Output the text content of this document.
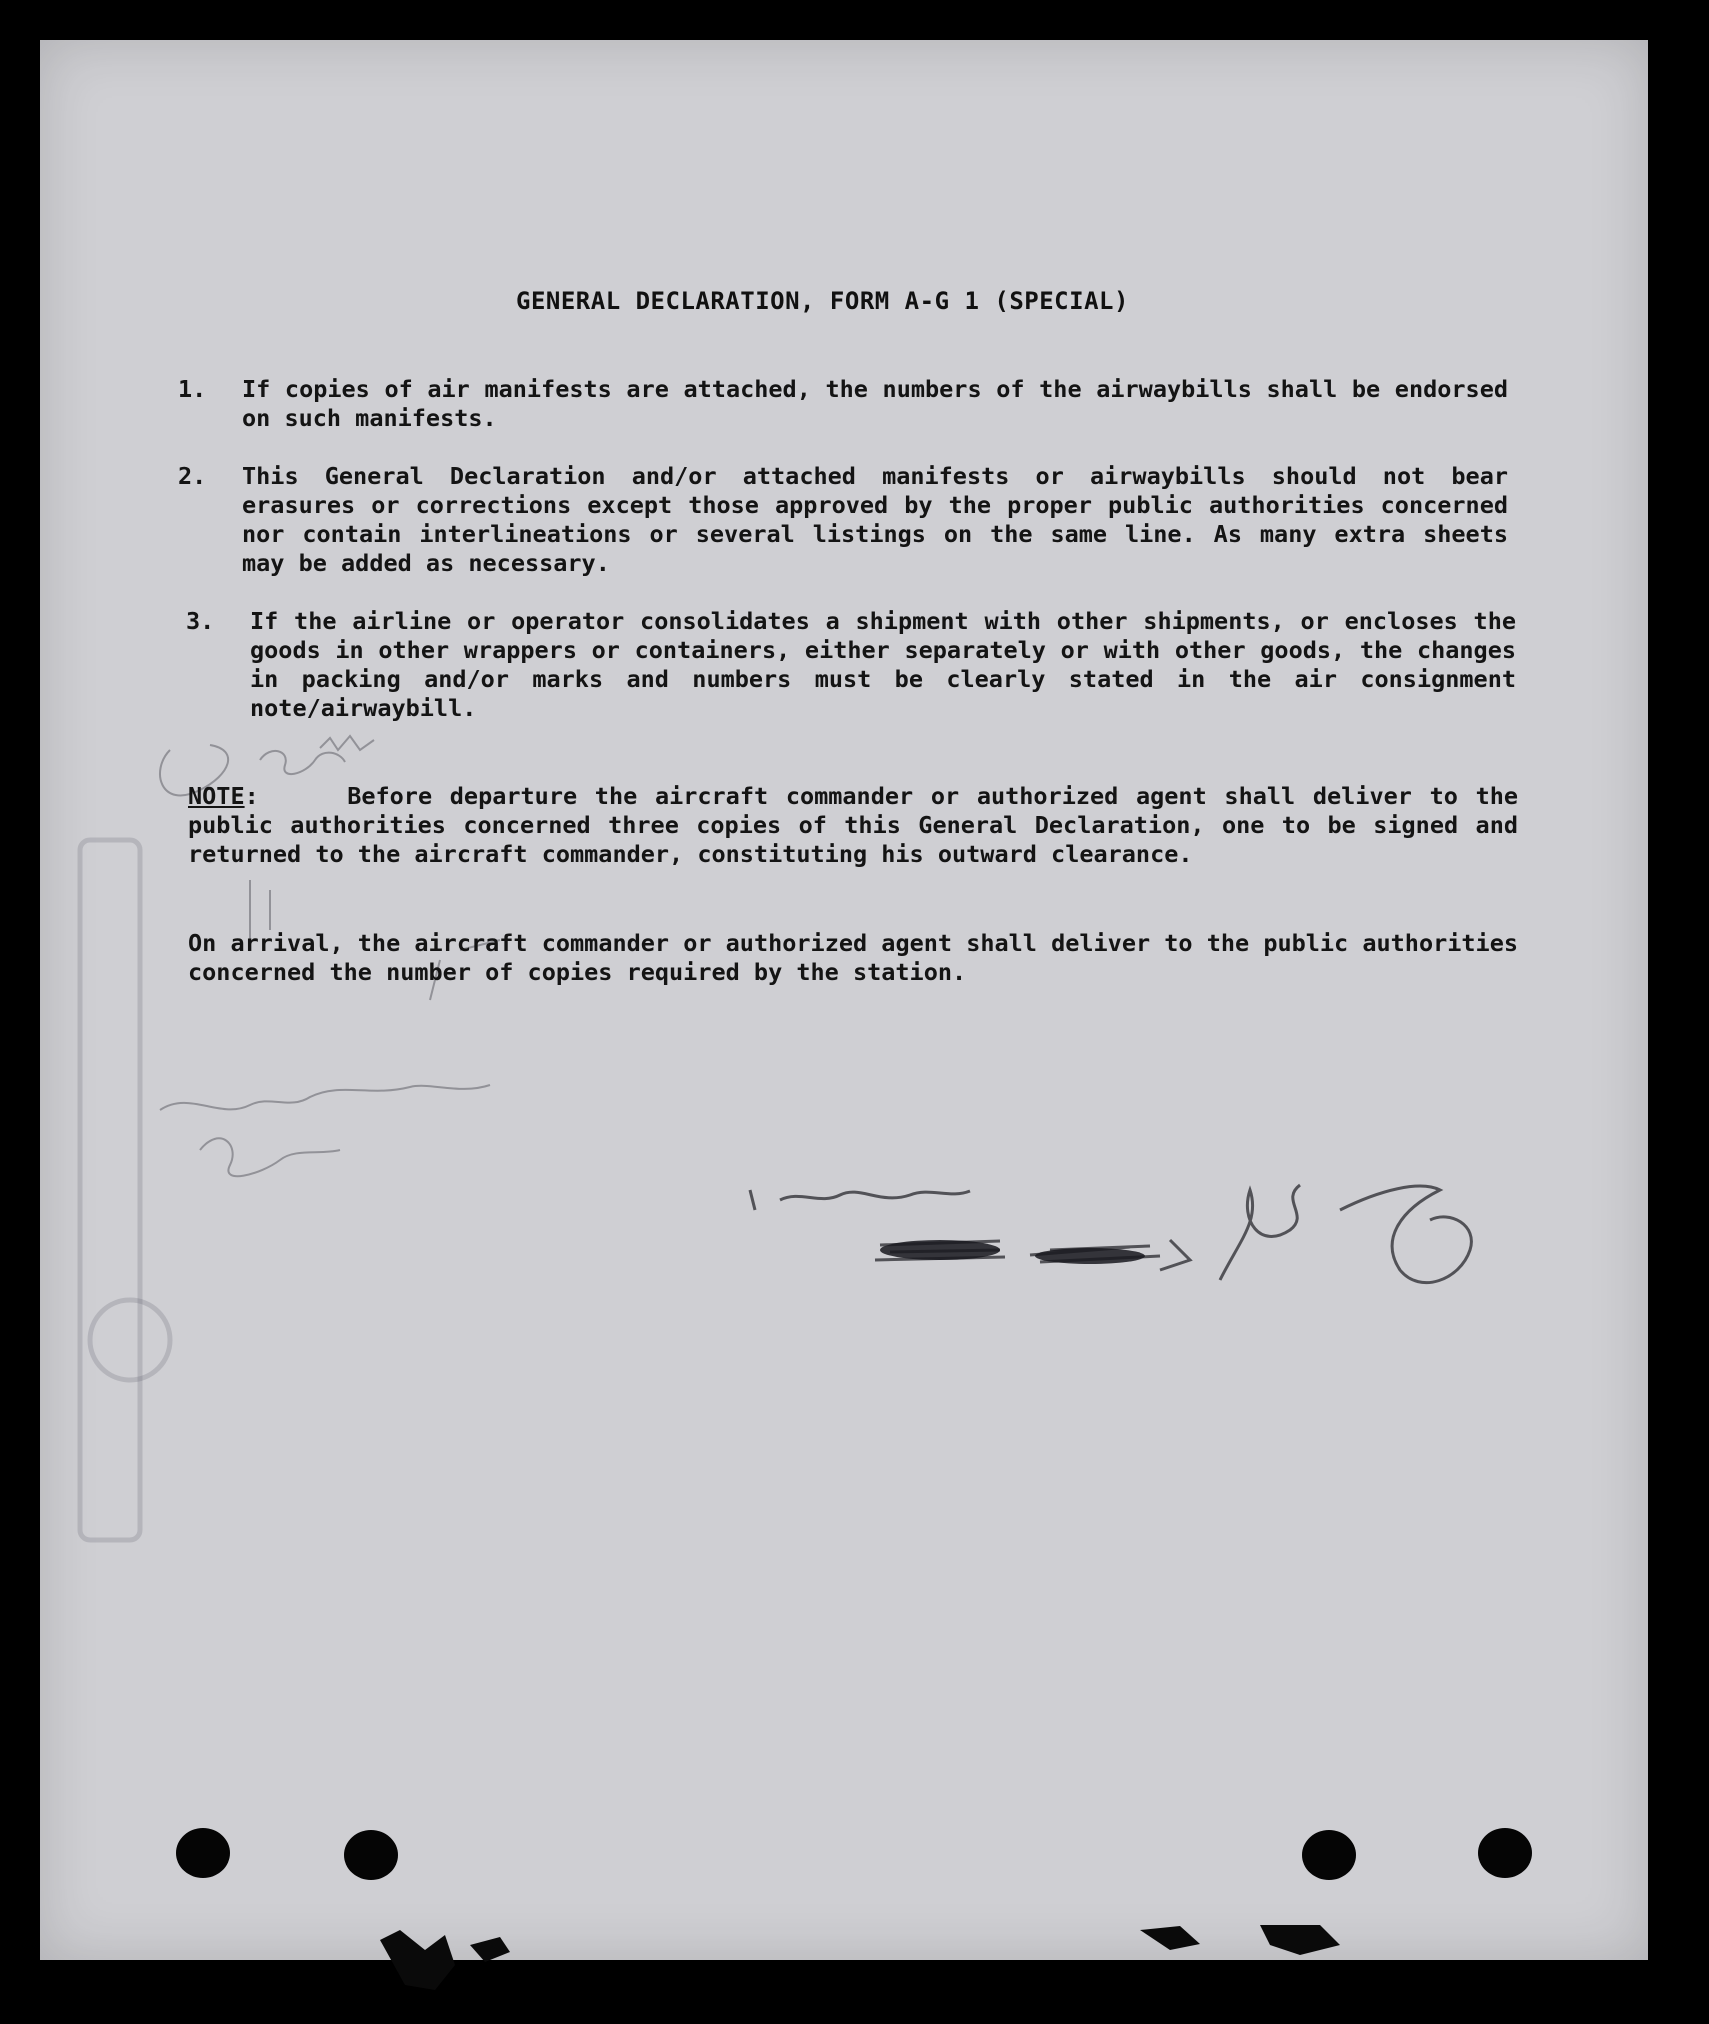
GENERAL DECLARATION, FORM A-G 1 (SPECIAL)
1. If copies of air manifests are attached, the numbers of the airwaybills shall be endorsed on such manifests.
2. This General Declaration and/or attached manifests or airwaybills should not bear erasures or corrections except those approved by the proper public authorities concerned nor contain interlineations or several listings on the same line. As many extra sheets may be added as necessary.
3. If the airline or operator consolidates a shipment with other shipments, or encloses the goods in other wrappers or containers, either separately or with other goods, the changes in packing and/or marks and numbers must be clearly stated in the air consignment note/airwaybill.
NOTE:     Before departure the aircraft commander or authorized agent shall deliver to the public authorities concerned three copies of this General Declaration, one to be signed and returned to the aircraft commander, constituting his outward clearance.
On arrival, the aircraft commander or authorized agent shall deliver to the public authorities concerned the number of copies required by the station.
